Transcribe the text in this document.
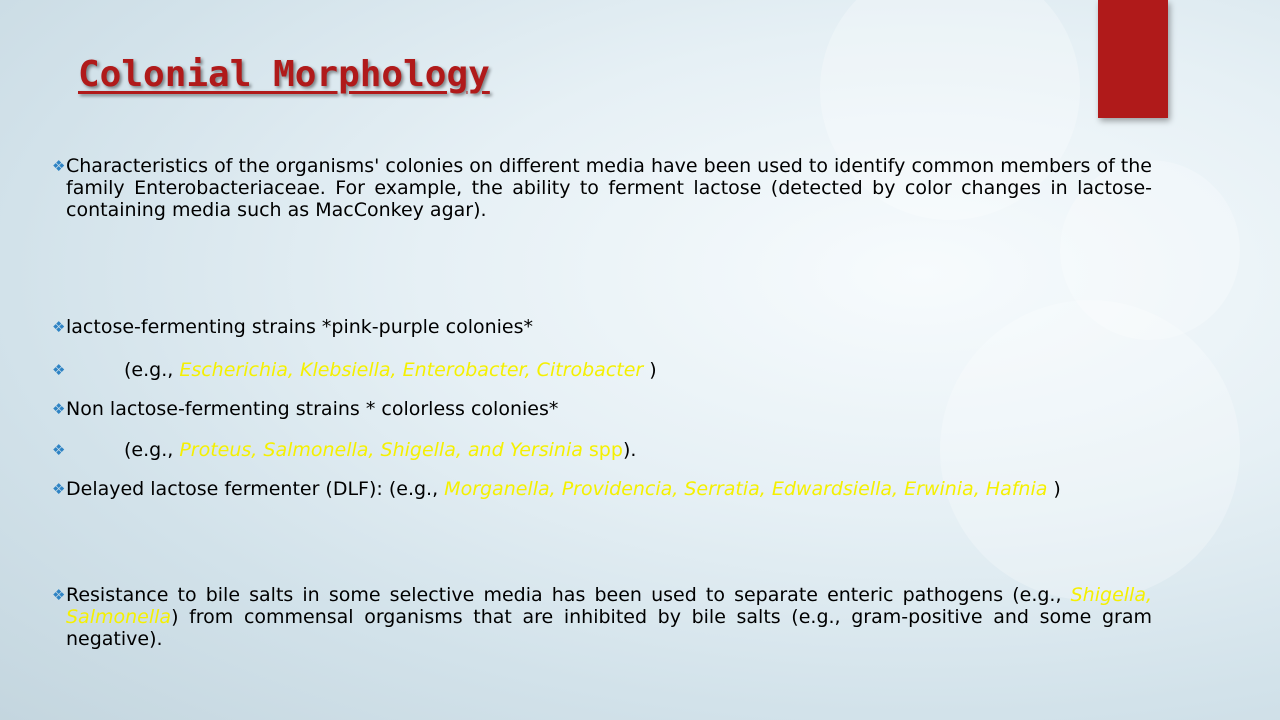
Colonial Morphology
❖ Characteristics of the organisms' colonies on different media have been used to identify common members of the family Enterobacteriaceae. For example, the ability to ferment lactose (detected by color changes in lactose-containing media such as MacConkey agar).
❖ lactose-fermenting strains *pink-purple colonies*
❖	(e.g., Escherichia, Klebsiella, Enterobacter, Citrobacter )
❖ Non lactose-fermenting strains * colorless colonies*
❖	(e.g., Proteus, Salmonella, Shigella, and Yersinia spp).
❖ Delayed lactose fermenter (DLF): (e.g., Morganella, Providencia, Serratia, Edwardsiella, Erwinia, Hafnia )
❖ Resistance to bile salts in some selective media has been used to separate enteric pathogens (e.g., Shigella, Salmonella) from commensal organisms that are inhibited by bile salts (e.g., gram-positive and some gram negative).
